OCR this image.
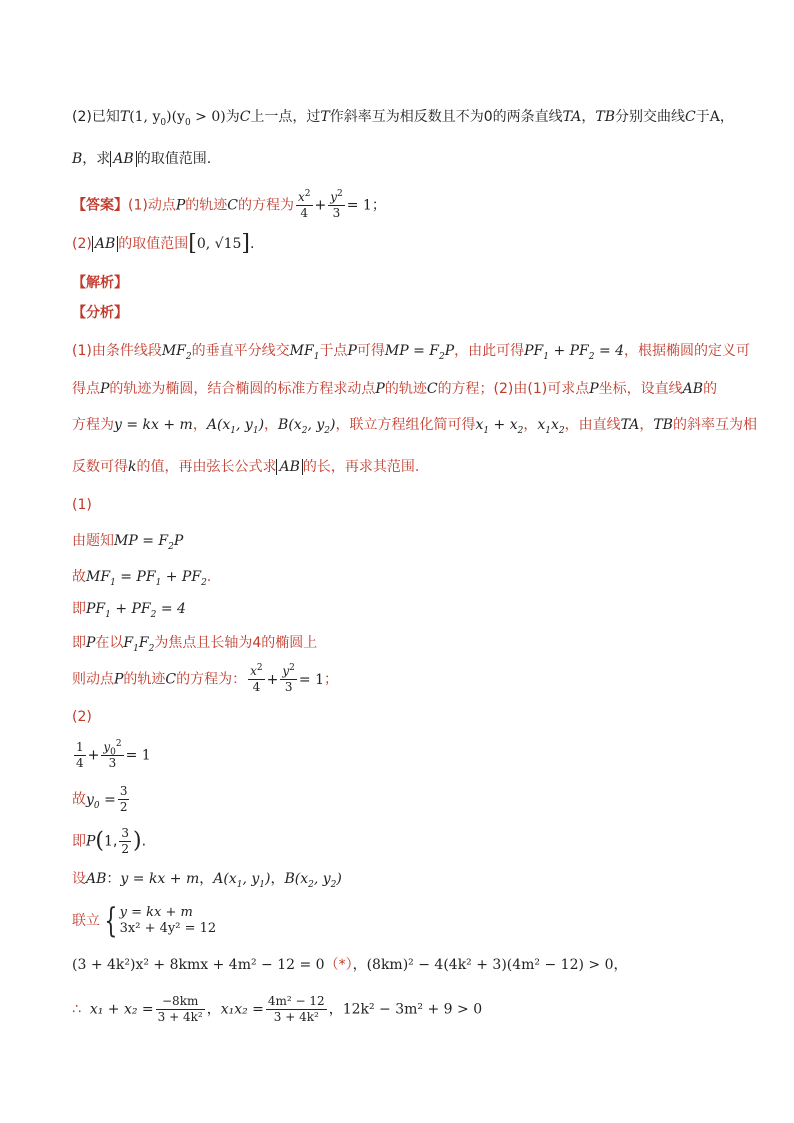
(2)已知T(1, $y_0)(y_0 > 0)$为C上一点，过T作斜率互为相反数且不为0的两条直线TA，TB分别交曲线C于A，
B，求 AB 的取值范围.
【答案】(1)动点P的轨迹C的方程为 $\frac{x^2}{4} + \frac{y^2}{3} = 1$；
(2) AB 的取值范围[0, √15].
【解析】
【分析】
(1)由条件线段$MF_2$的垂直平分线交$MF_1$于点P可得MP = $F_2P$，由此可得$PF_1 + PF_2 = 4$，根据椭圆的定义可
得点P的轨迹为椭圆，结合椭圆的标准方程求动点P的轨迹C的方程；(2)由(1)可求点P坐标，设直线AB的
方程为y = kx + m，$A(x_1$, $y_1$)，$B(x_2$, $y_2$)，联立方程组化简可得$x_1 + x_2$，$x_1x_2$，由直线TA，TB的斜率互为相
反数可得k的值，再由弦长公式求 AB 的长，再求其范围.
(1)
由题知MP = $F_2P$
故$MF_1 = PF_1 + PF_2$.
即$PF_1 + PF_2 = 4$
即P在以$F_1F_2$为焦点且长轴为4的椭圆上
则动点P的轨迹C的方程为： $\frac{x^2}{4} + \frac{y^2}{3} = 1$；
(2)
$\frac{1}{4} + \frac{y_0^2}{3} = 1$
故$y_0 = \frac{3}{2}$
即P(1, $\frac{3}{2}$ ).
设AB：y = kx + m，$A(x_1$, $y_1$)，$B(x_2$, $y_2$)
联立 { y = kx + m
3x² + 4y² = 12
(3 + 4k²)x² + 8kmx + 4m² − 12 = 0（*），(8km)² − 4(4k² + 3)(4m² − 12) > 0，
∴ $x_1 + x_2 = \frac{-8km}{\text{3 + 4k²}}$ ，$x_1x_2 = \frac{\text{4m² − 12}}{\text{3 + 4k²}}$ ，12k² − 3m² + 9 > 0
